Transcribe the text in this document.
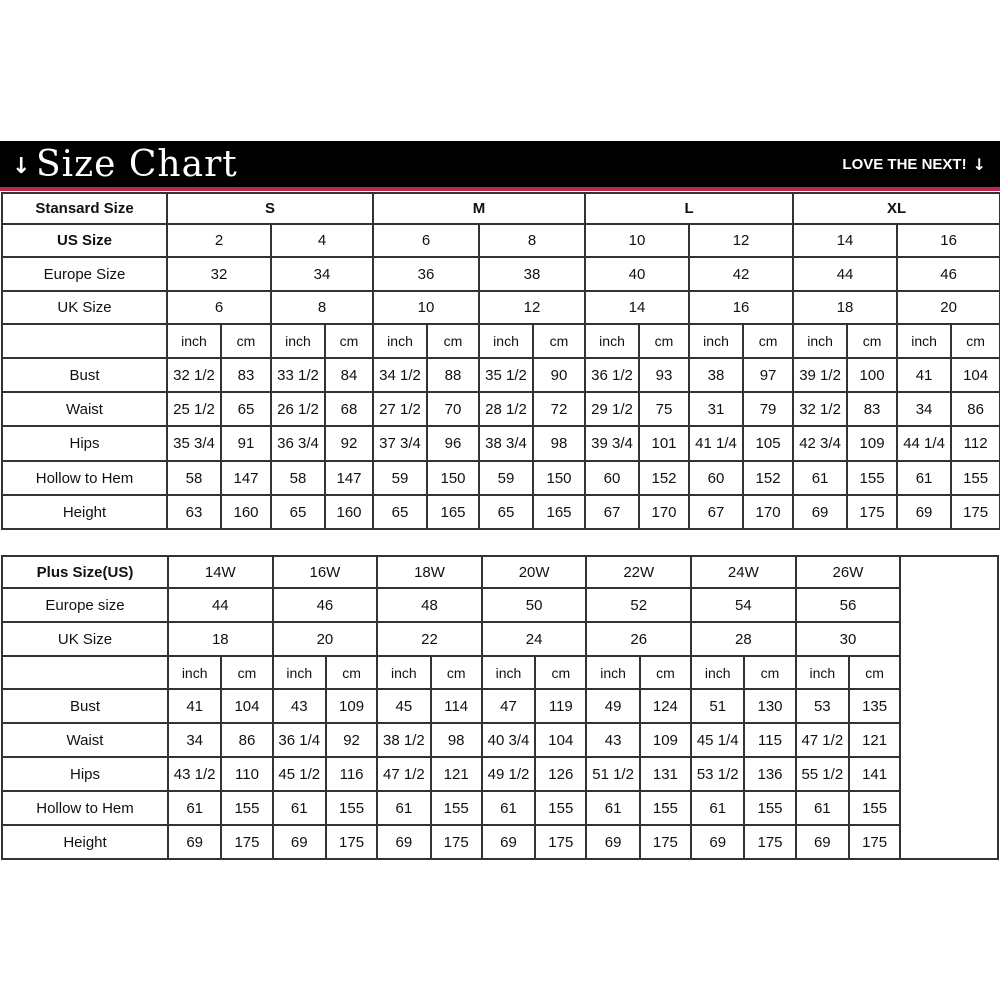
↓ Size Chart	LOVE THE NEXT! ↓
Stansard Size	S				M				L				XL			
US Size	2		4		6		8		10		12		14		16	
Europe Size	32		34		36		38		40		42		44		46	
UK Size	6		8		10		12		14		16		18		20	
	inch	cm	inch	cm	inch	cm	inch	cm	inch	cm	inch	cm	inch	cm	inch	cm
Bust	32 1/2	83	33 1/2	84	34 1/2	88	35 1/2	90	36 1/2	93	38	97	39 1/2	100	41	104
Waist	25 1/2	65	26 1/2	68	27 1/2	70	28 1/2	72	29 1/2	75	31	79	32 1/2	83	34	86
Hips	35 3/4	91	36 3/4	92	37 3/4	96	38 3/4	98	39 3/4	101	41 1/4	105	42 3/4	109	44 1/4	112
Hollow to Hem	58	147	58	147	59	150	59	150	60	152	60	152	61	155	61	155
Height	63	160	65	160	65	165	65	165	67	170	67	170	69	175	69	175
Plus Size(US)	14W		16W		18W		20W		22W		24W		26W		
Europe size	44		46		48		50		52		54		56		
UK Size	18		20		22		24		26		28		30		
	inch	cm	inch	cm	inch	cm	inch	cm	inch	cm	inch	cm	inch	cm	
Bust	41	104	43	109	45	114	47	119	49	124	51	130	53	135	
Waist	34	86	36 1/4	92	38 1/2	98	40 3/4	104	43	109	45 1/4	115	47 1/2	121	
Hips	43 1/2	110	45 1/2	116	47 1/2	121	49 1/2	126	51 1/2	131	53 1/2	136	55 1/2	141	
Hollow to Hem	61	155	61	155	61	155	61	155	61	155	61	155	61	155	
Height	69	175	69	175	69	175	69	175	69	175	69	175	69	175	
